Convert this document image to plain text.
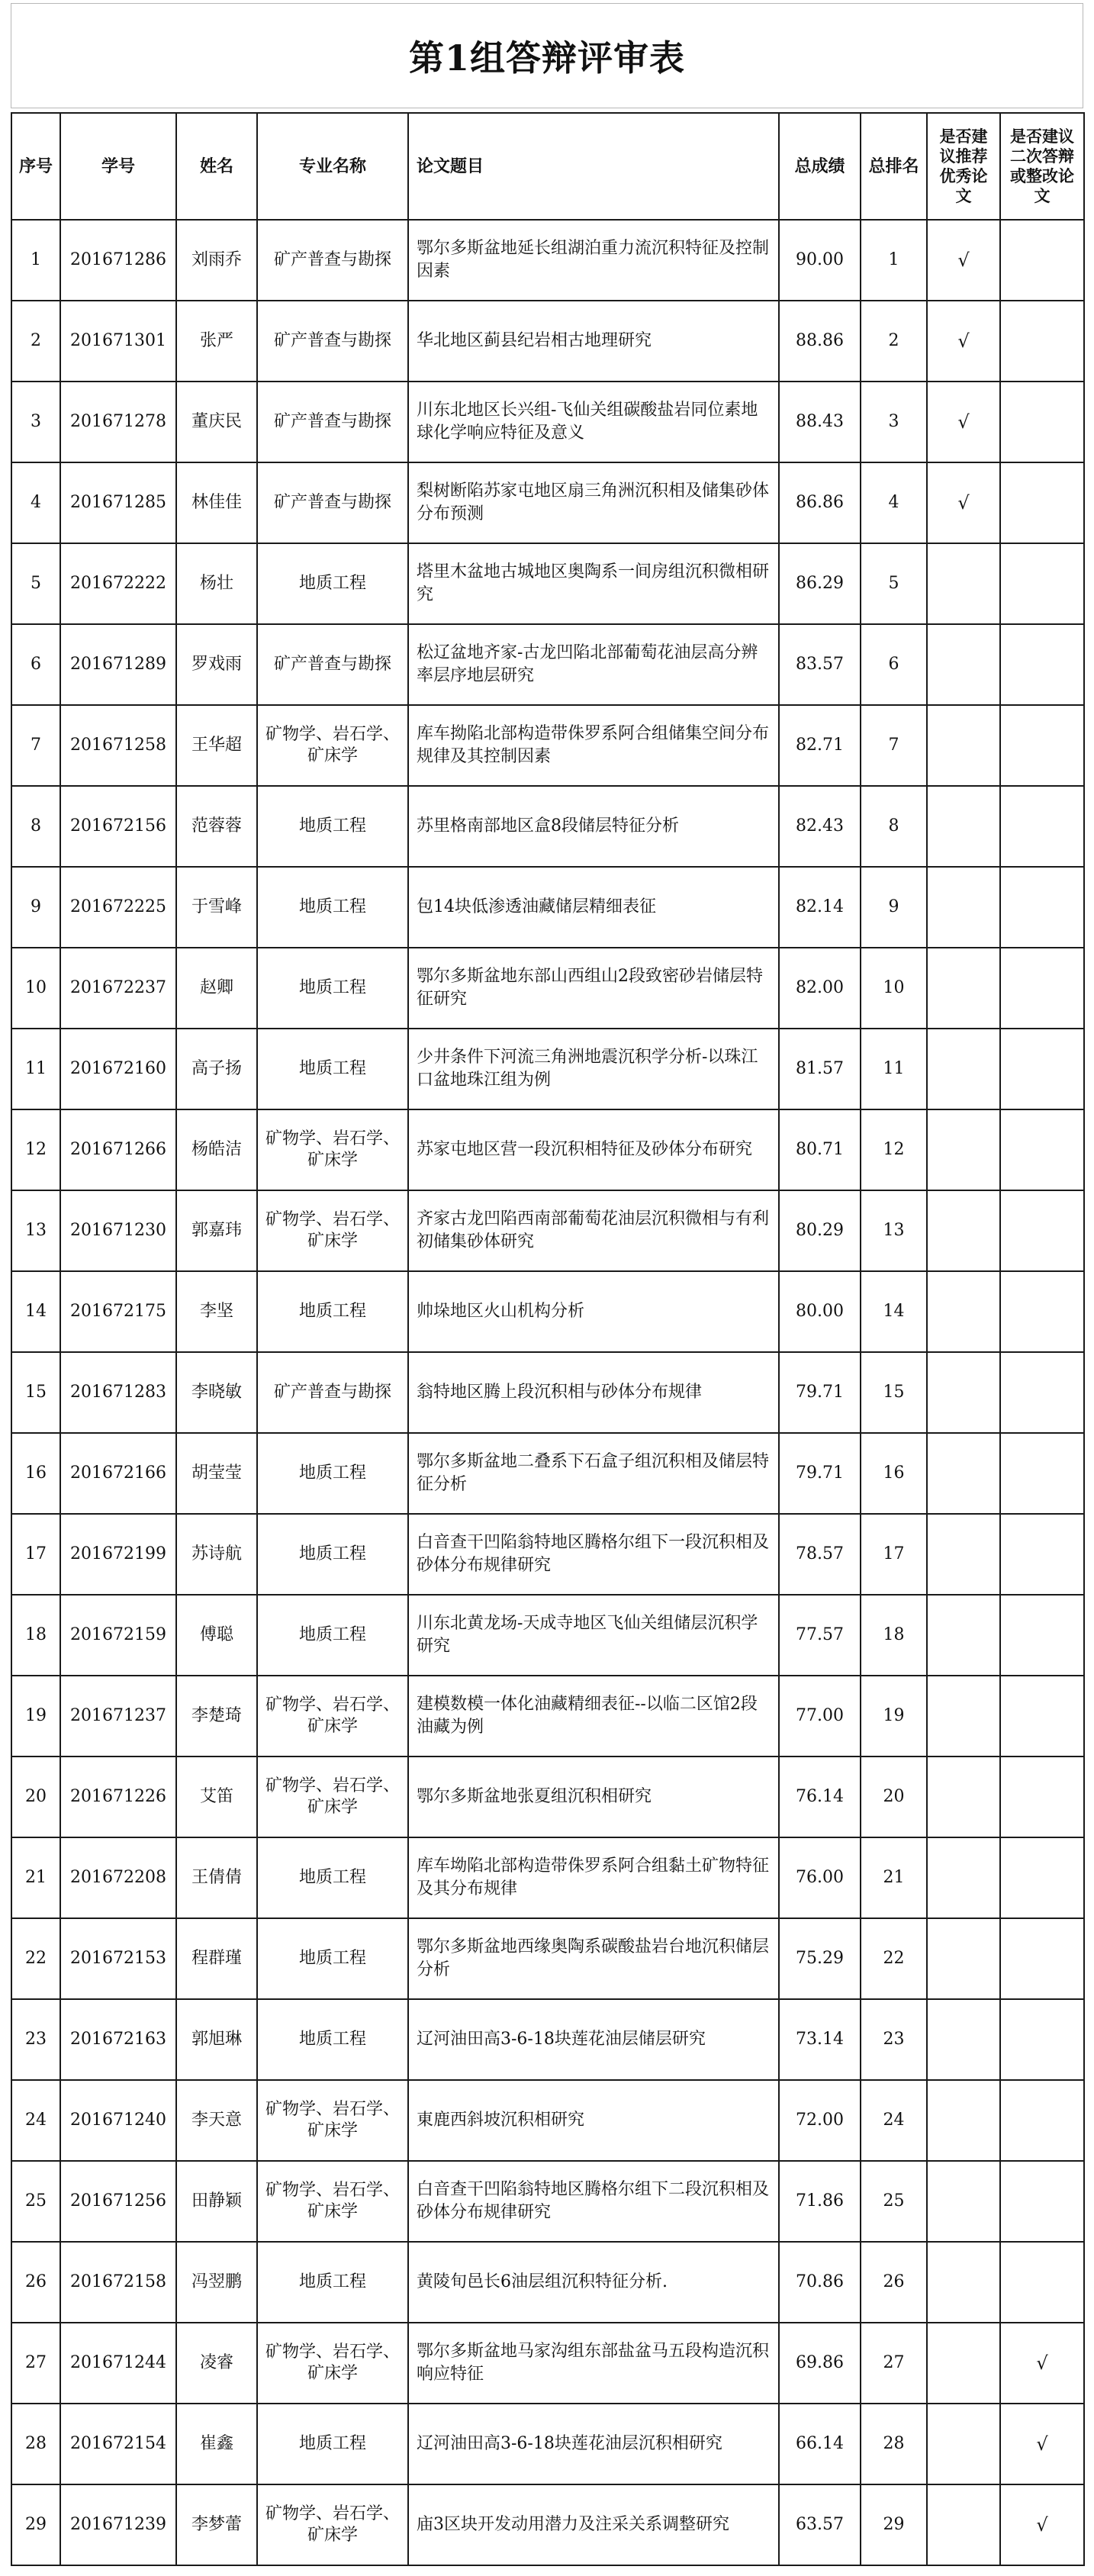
第1组答辩评审表
序号	学号	姓名	专业名称	论文题目	总成绩	总排名	是否建议推荐优秀论文	是否建议二次答辩或整改论文
1	201671286	刘雨乔	矿产普查与勘探	鄂尔多斯盆地延长组湖泊重力流沉积特征及控制因素	90.00	1	√	
2	201671301	张严	矿产普查与勘探	华北地区蓟县纪岩相古地理研究	88.86	2	√	
3	201671278	董庆民	矿产普查与勘探	川东北地区长兴组-飞仙关组碳酸盐岩同位素地球化学响应特征及意义	88.43	3	√	
4	201671285	林佳佳	矿产普查与勘探	梨树断陷苏家屯地区扇三角洲沉积相及储集砂体分布预测	86.86	4	√	
5	201672222	杨壮	地质工程	塔里木盆地古城地区奥陶系一间房组沉积微相研究	86.29	5		
6	201671289	罗戏雨	矿产普查与勘探	松辽盆地齐家-古龙凹陷北部葡萄花油层高分辨率层序地层研究	83.57	6		
7	201671258	王华超	矿物学、岩石学、矿床学	库车拗陷北部构造带侏罗系阿合组储集空间分布规律及其控制因素	82.71	7		
8	201672156	范蓉蓉	地质工程	苏里格南部地区盒8段储层特征分析	82.43	8		
9	201672225	于雪峰	地质工程	包14块低渗透油藏储层精细表征	82.14	9		
10	201672237	赵卿	地质工程	鄂尔多斯盆地东部山西组山2段致密砂岩储层特征研究	82.00	10		
11	201672160	高子扬	地质工程	少井条件下河流三角洲地震沉积学分析-以珠江口盆地珠江组为例	81.57	11		
12	201671266	杨皓洁	矿物学、岩石学、矿床学	苏家屯地区营一段沉积相特征及砂体分布研究	80.71	12		
13	201671230	郭嘉玮	矿物学、岩石学、矿床学	齐家古龙凹陷西南部葡萄花油层沉积微相与有利初储集砂体研究	80.29	13		
14	201672175	李坚	地质工程	帅垛地区火山机构分析	80.00	14		
15	201671283	李晓敏	矿产普查与勘探	翁特地区腾上段沉积相与砂体分布规律	79.71	15		
16	201672166	胡莹莹	地质工程	鄂尔多斯盆地二叠系下石盒子组沉积相及储层特征分析	79.71	16		
17	201672199	苏诗航	地质工程	白音查干凹陷翁特地区腾格尔组下一段沉积相及砂体分布规律研究	78.57	17		
18	201672159	傅聪	地质工程	川东北黄龙场-天成寺地区飞仙关组储层沉积学研究	77.57	18		
19	201671237	李楚琦	矿物学、岩石学、矿床学	建模数模一体化油藏精细表征--以临二区馆2段油藏为例	77.00	19		
20	201671226	艾笛	矿物学、岩石学、矿床学	鄂尔多斯盆地张夏组沉积相研究	76.14	20		
21	201672208	王倩倩	地质工程	库车坳陷北部构造带侏罗系阿合组黏土矿物特征及其分布规律	76.00	21		
22	201672153	程群瑾	地质工程	鄂尔多斯盆地西缘奥陶系碳酸盐岩台地沉积储层分析	75.29	22		
23	201672163	郭旭琳	地质工程	辽河油田高3-6-18块莲花油层储层研究	73.14	23		
24	201671240	李天意	矿物学、岩石学、矿床学	東鹿西斜坡沉积相研究	72.00	24		
25	201671256	田静颖	矿物学、岩石学、矿床学	白音查干凹陷翁特地区腾格尔组下二段沉积相及砂体分布规律研究	71.86	25		
26	201672158	冯翌鹏	地质工程	黄陵旬邑长6油层组沉积特征分析.	70.86	26		
27	201671244	凌睿	矿物学、岩石学、矿床学	鄂尔多斯盆地马家沟组东部盐盆马五段构造沉积响应特征	69.86	27		√
28	201672154	崔鑫	地质工程	辽河油田高3-6-18块莲花油层沉积相研究	66.14	28		√
29	201671239	李梦蕾	矿物学、岩石学、矿床学	庙3区块开发动用潜力及注采关系调整研究	63.57	29		√
